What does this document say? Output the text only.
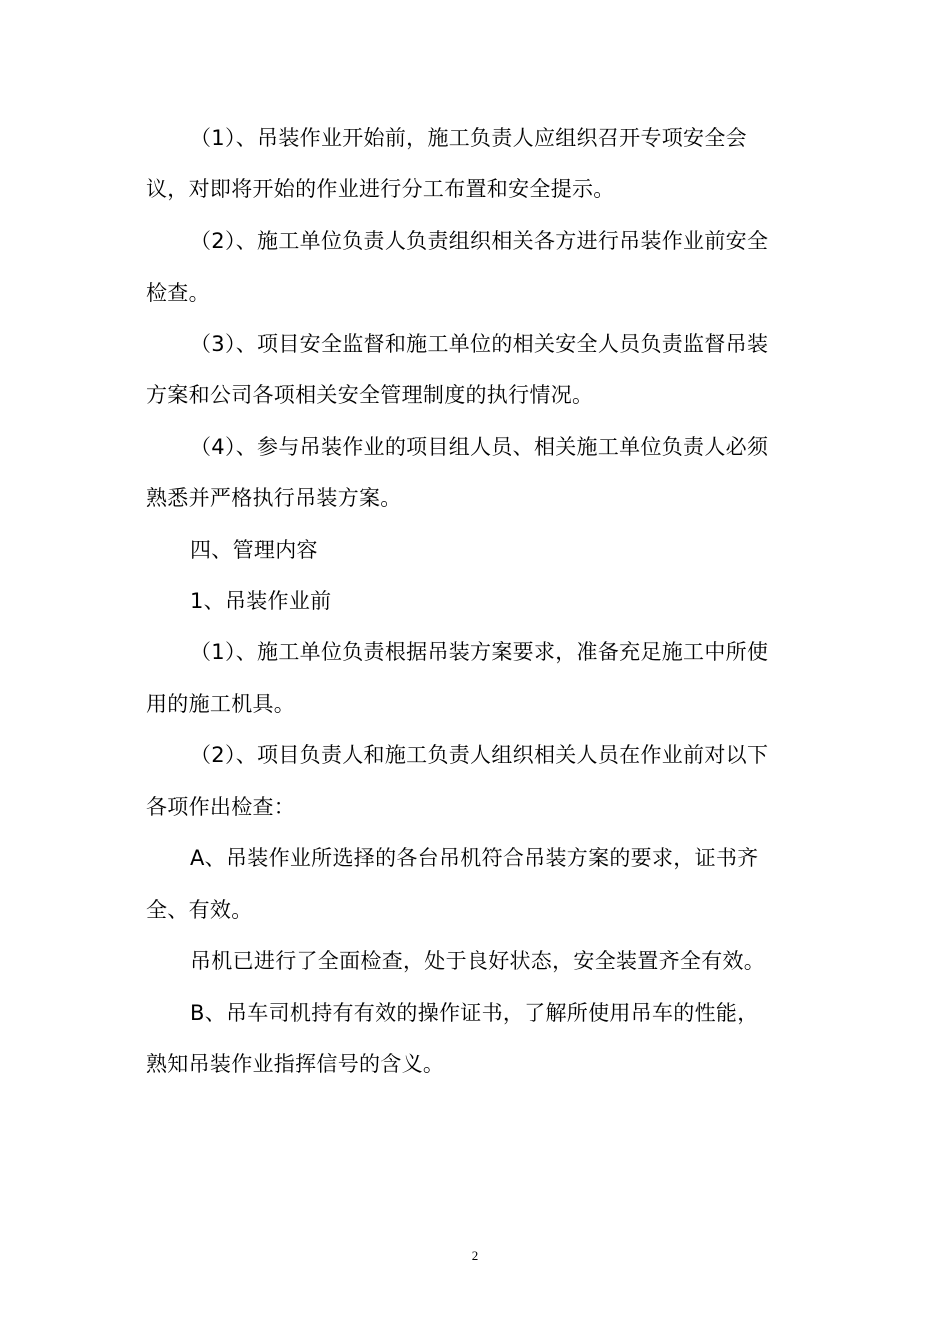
（1）、吊装作业开始前，施工负责人应组织召开专项安全会
议，对即将开始的作业进行分工布置和安全提示。
（2）、施工单位负责人负责组织相关各方进行吊装作业前安全
检查。
（3）、项目安全监督和施工单位的相关安全人员负责监督吊装
方案和公司各项相关安全管理制度的执行情况。
（4）、参与吊装作业的项目组人员、相关施工单位负责人必须
熟悉并严格执行吊装方案。
四、管理内容
1、吊装作业前
（1）、施工单位负责根据吊装方案要求，准备充足施工中所使
用的施工机具。
（2）、项目负责人和施工负责人组织相关人员在作业前对以下
各项作出检查：
A、吊装作业所选择的各台吊机符合吊装方案的要求，证书齐
全、有效。
吊机已进行了全面检查，处于良好状态，安全装置齐全有效。
B、吊车司机持有有效的操作证书，了解所使用吊车的性能，
熟知吊装作业指挥信号的含义。
2
